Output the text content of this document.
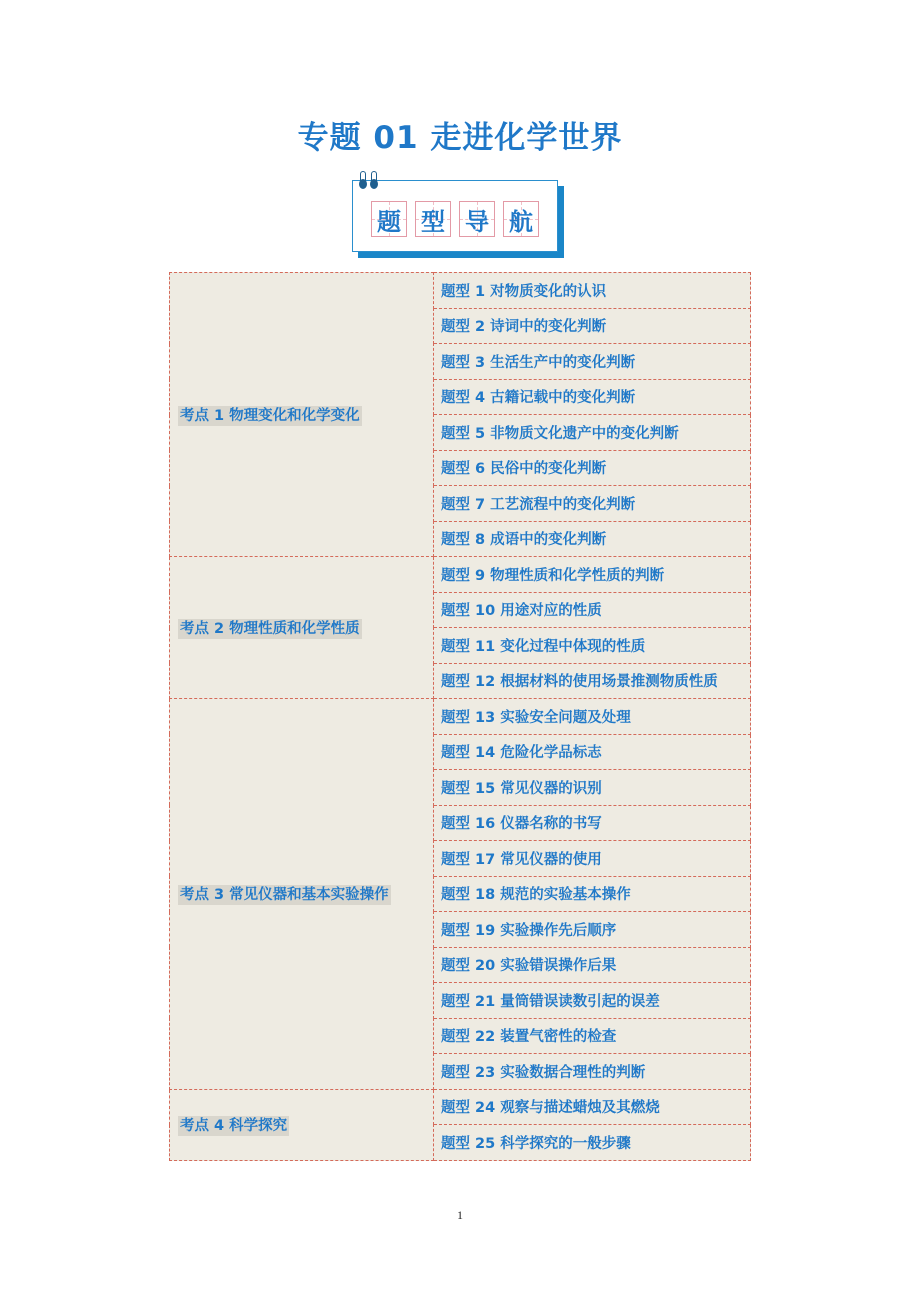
专题 01 走进化学世界
题 型 导 航
考点 1 物理变化和化学变化	题型 1 对物质变化的认识
	题型 2 诗词中的变化判断
	题型 3 生活生产中的变化判断
	题型 4 古籍记载中的变化判断
	题型 5 非物质文化遗产中的变化判断
	题型 6 民俗中的变化判断
	题型 7 工艺流程中的变化判断
	题型 8 成语中的变化判断
考点 2 物理性质和化学性质	题型 9 物理性质和化学性质的判断
	题型 10 用途对应的性质
	题型 11 变化过程中体现的性质
	题型 12 根据材料的使用场景推测物质性质
考点 3 常见仪器和基本实验操作	题型 13 实验安全问题及处理
	题型 14 危险化学品标志
	题型 15 常见仪器的识别
	题型 16 仪器名称的书写
	题型 17 常见仪器的使用
	题型 18 规范的实验基本操作
	题型 19 实验操作先后顺序
	题型 20 实验错误操作后果
	题型 21 量筒错误读数引起的误差
	题型 22 装置气密性的检查
	题型 23 实验数据合理性的判断
考点 4 科学探究	题型 24 观察与描述蜡烛及其燃烧
	题型 25 科学探究的一般步骤
1
